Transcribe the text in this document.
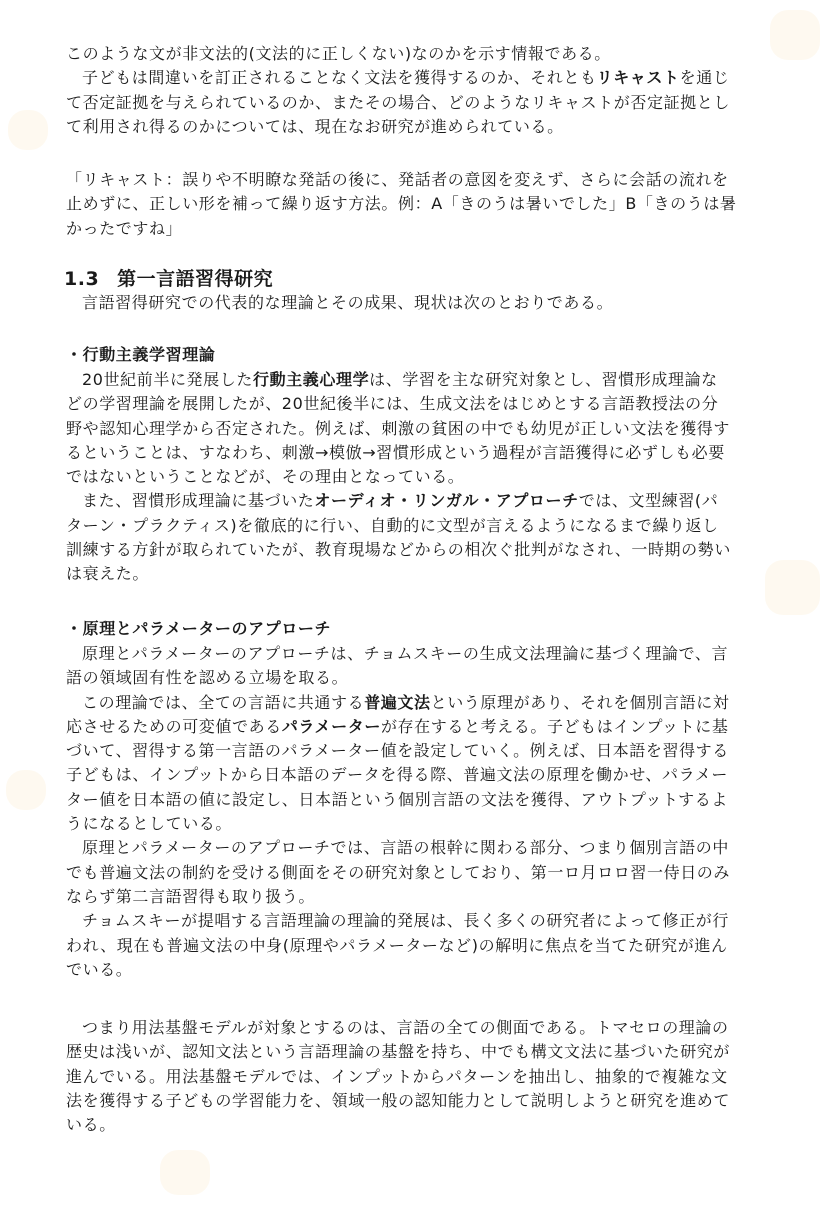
このような文が非文法的(文法的に正しくない)なのかを示す情報である。
子どもは間違いを訂正されることなく文法を獲得するのか、それともリキャストを通じ
て否定証拠を与えられているのか、またその場合、どのようなリキャストが否定証拠とし
て利用され得るのかについては、現在なお研究が進められている。
「リキャスト：誤りや不明瞭な発話の後に、発話者の意図を変えず、さらに会話の流れを
止めずに、正しい形を補って繰り返す方法。例：A「きのうは暑いでした」B「きのうは暑
かったですね」
1.3 第一言語習得研究
言語習得研究での代表的な理論とその成果、現状は次のとおりである。
・行動主義学習理論
20世紀前半に発展した行動主義心理学は、学習を主な研究対象とし、習慣形成理論な
どの学習理論を展開したが、20世紀後半には、生成文法をはじめとする言語教授法の分
野や認知心理学から否定された。例えば、刺激の貧困の中でも幼児が正しい文法を獲得す
るということは、すなわち、刺激→模倣→習慣形成という過程が言語獲得に必ずしも必要
ではないということなどが、その理由となっている。
また、習慣形成理論に基づいたオーディオ・リンガル・アプローチでは、文型練習(パ
ターン・プラクティス)を徹底的に行い、自動的に文型が言えるようになるまで繰り返し
訓練する方針が取られていたが、教育現場などからの相次ぐ批判がなされ、一時期の勢い
は衰えた。
・原理とパラメーターのアプローチ
原理とパラメーターのアプローチは、チョムスキーの生成文法理論に基づく理論で、言
語の領域固有性を認める立場を取る。
この理論では、全ての言語に共通する普遍文法という原理があり、それを個別言語に対
応させるための可変値であるパラメーターが存在すると考える。子どもはインプットに基
づいて、習得する第一言語のパラメーター値を設定していく。例えば、日本語を習得する
子どもは、インプットから日本語のデータを得る際、普遍文法の原理を働かせ、パラメー
ター値を日本語の値に設定し、日本語という個別言語の文法を獲得、アウトプットするよ
うになるとしている。
原理とパラメーターのアプローチでは、言語の根幹に関わる部分、つまり個別言語の中
でも普遍文法の制約を受ける側面をその研究対象としており、第一ロ月ロロ習一侍日のみ
ならず第二言語習得も取り扱う。
チョムスキーが提唱する言語理論の理論的発展は、長く多くの研究者によって修正が行
われ、現在も普遍文法の中身(原理やパラメーターなど)の解明に焦点を当てた研究が進ん
でいる。
つまり用法基盤モデルが対象とするのは、言語の全ての側面である。トマセロの理論の
歴史は浅いが、認知文法という言語理論の基盤を持ち、中でも構文文法に基づいた研究が
進んでいる。用法基盤モデルでは、インプットからパターンを抽出し、抽象的で複雑な文
法を獲得する子どもの学習能力を、領域一般の認知能力として説明しようと研究を進めて
いる。
